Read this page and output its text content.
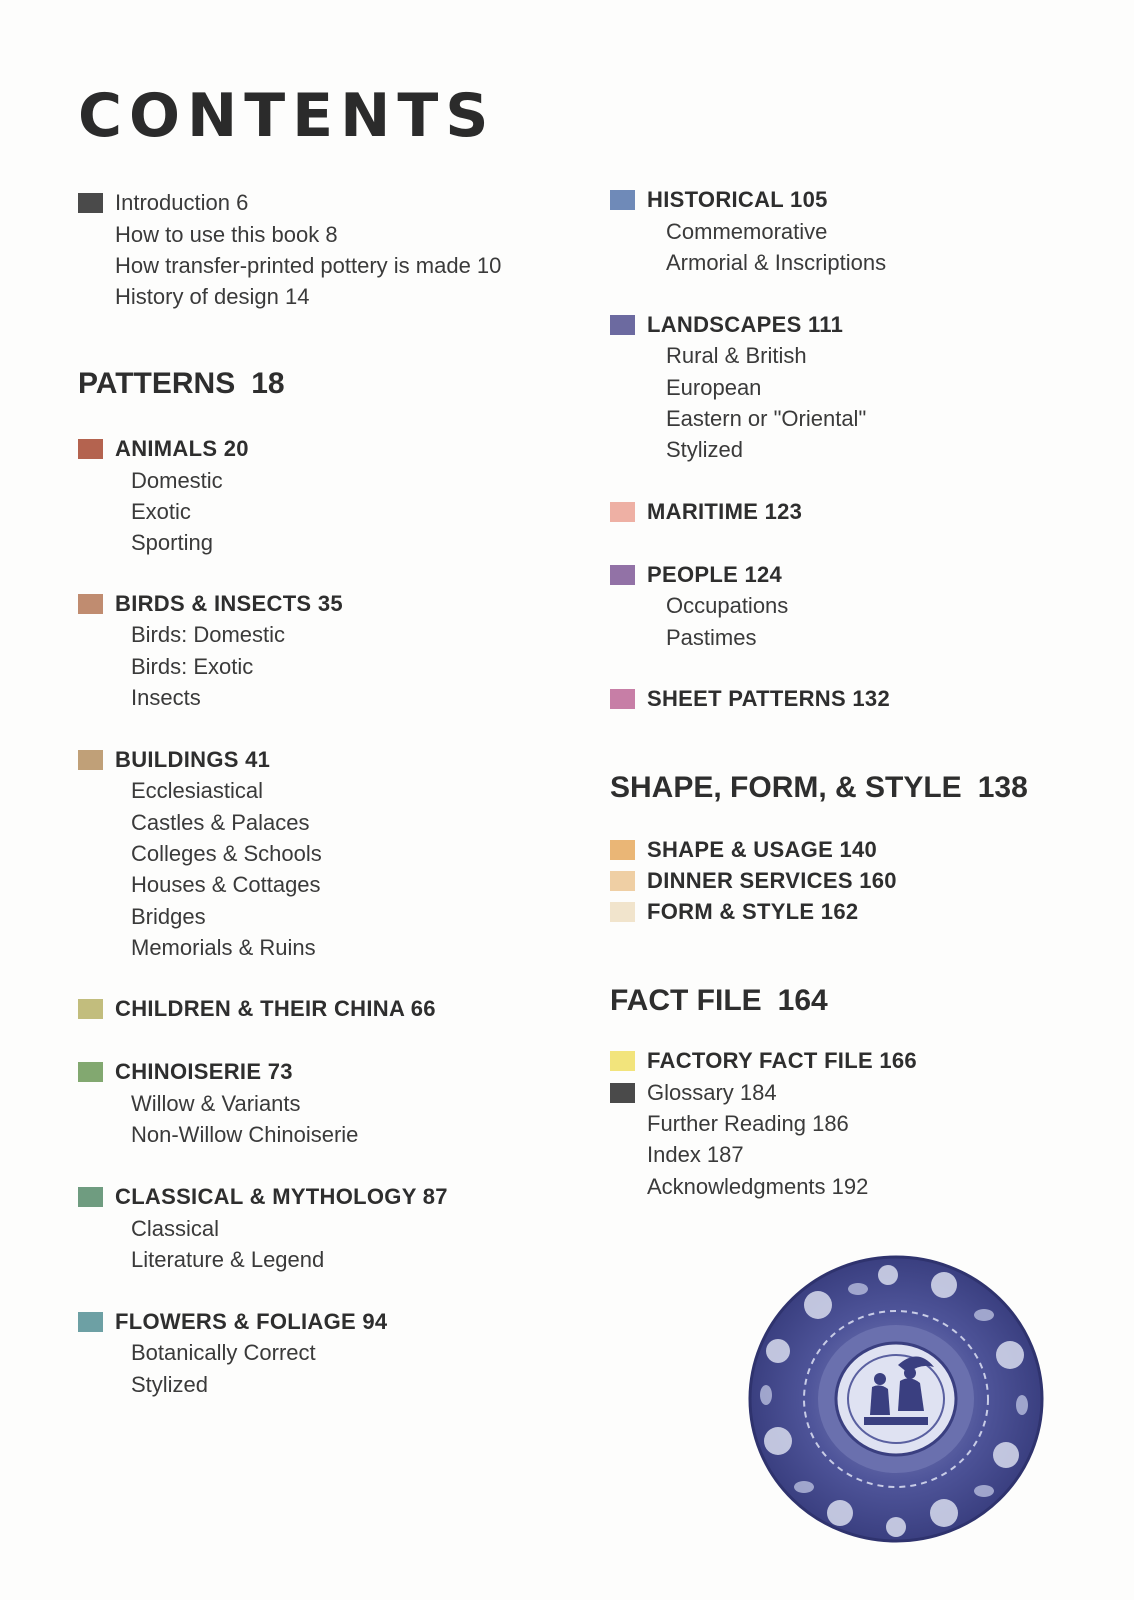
CONTENTS
Introduction 6
How to use this book 8
How transfer-printed pottery is made 10
History of design 14
PATTERNS 18
ANIMALS 20
Domestic
Exotic
Sporting
BIRDS & INSECTS 35
Birds: Domestic
Birds: Exotic
Insects
BUILDINGS 41
Ecclesiastical
Castles & Palaces
Colleges & Schools
Houses & Cottages
Bridges
Memorials & Ruins
CHILDREN & THEIR CHINA 66
CHINOISERIE 73
Willow & Variants
Non-Willow Chinoiserie
CLASSICAL & MYTHOLOGY 87
Classical
Literature & Legend
FLOWERS & FOLIAGE 94
Botanically Correct
Stylized
HISTORICAL 105
Commemorative
Armorial & Inscriptions
LANDSCAPES 111
Rural & British
European
Eastern or "Oriental"
Stylized
MARITIME 123
PEOPLE 124
Occupations
Pastimes
SHEET PATTERNS 132
SHAPE, FORM, & STYLE 138
SHAPE & USAGE 140
DINNER SERVICES 160
FORM & STYLE 162
FACT FILE 164
FACTORY FACT FILE 166
Glossary 184
Further Reading 186
Index 187
Acknowledgments 192
